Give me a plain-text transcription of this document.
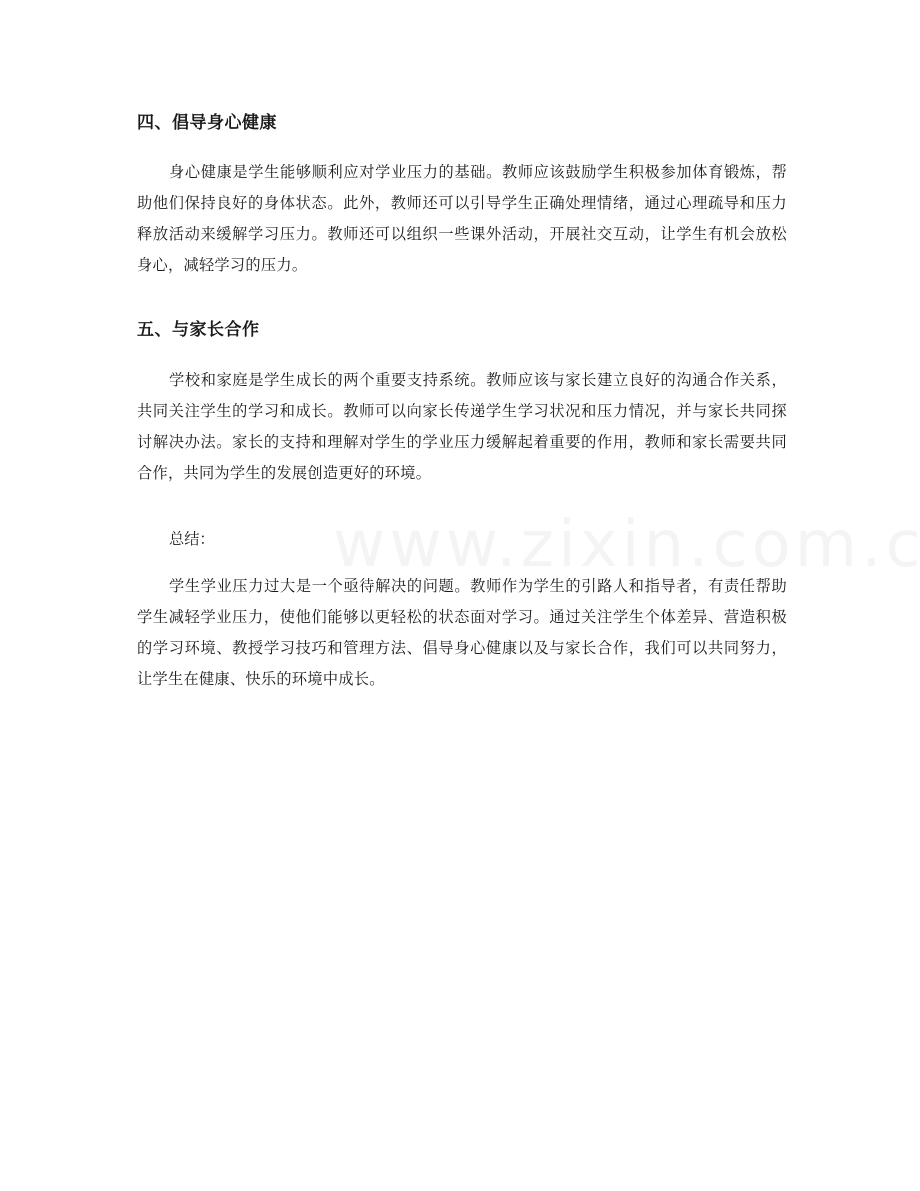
四、倡导身心健康

身心健康是学生能够顺利应对学业压力的基础。教师应该鼓励学生积极参加体育锻炼，帮助他们保持良好的身体状态。此外，教师还可以引导学生正确处理情绪，通过心理疏导和压力释放活动来缓解学习压力。教师还可以组织一些课外活动，开展社交互动，让学生有机会放松身心，减轻学习的压力。

五、与家长合作

学校和家庭是学生成长的两个重要支持系统。教师应该与家长建立良好的沟通合作关系，共同关注学生的学习和成长。教师可以向家长传递学生学习状况和压力情况，并与家长共同探讨解决办法。家长的支持和理解对学生的学业压力缓解起着重要的作用，教师和家长需要共同合作，共同为学生的发展创造更好的环境。

总结：

学生学业压力过大是一个亟待解决的问题。教师作为学生的引路人和指导者，有责任帮助学生减轻学业压力，使他们能够以更轻松的状态面对学习。通过关注学生个体差异、营造积极的学习环境、教授学习技巧和管理方法、倡导身心健康以及与家长合作，我们可以共同努力，让学生在健康、快乐的环境中成长。
